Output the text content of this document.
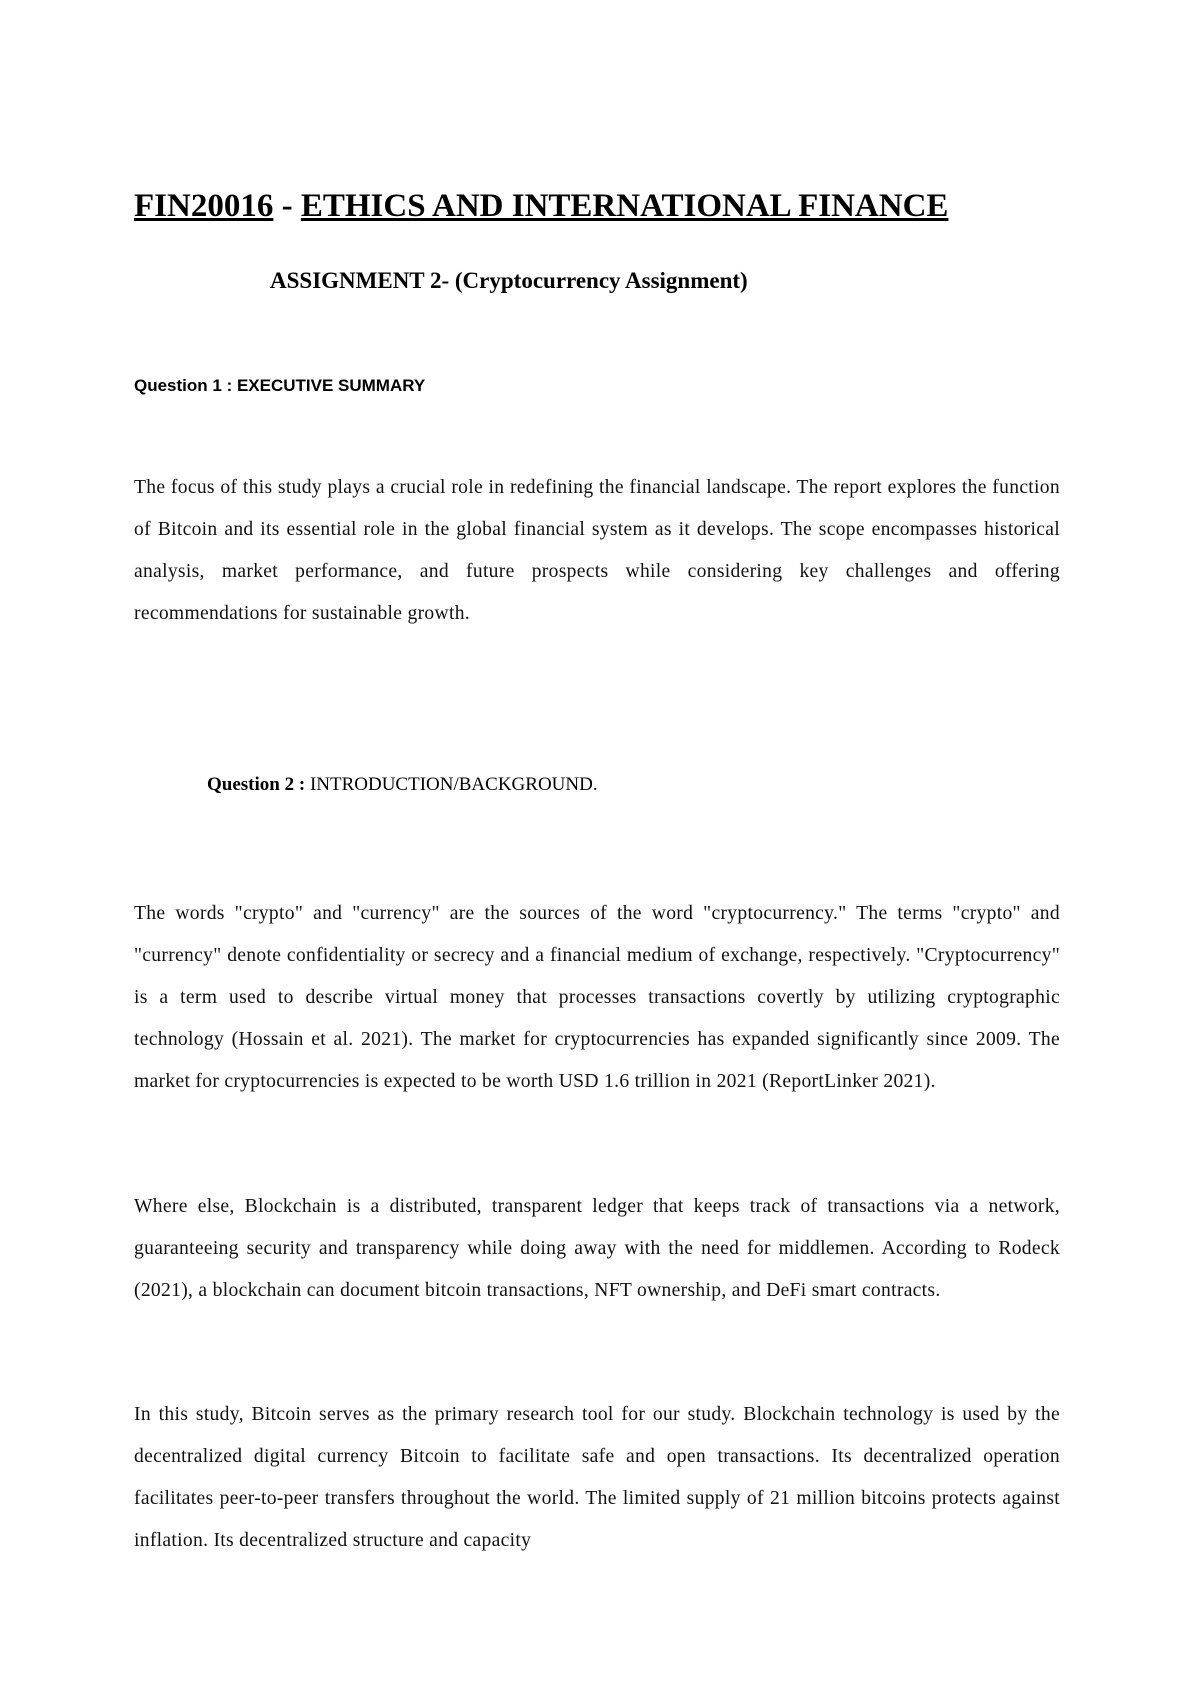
FIN20016 - ETHICS AND INTERNATIONAL FINANCE
ASSIGNMENT 2- (Cryptocurrency Assignment)
Question 1 : EXECUTIVE SUMMARY

The focus of this study plays a crucial role in redefining the financial landscape. The report explores the function of Bitcoin and its essential role in the global financial system as it develops. The scope encompasses historical analysis, market performance, and future prospects while considering key challenges and offering recommendations for sustainable growth.

Question 2 : INTRODUCTION/BACKGROUND.

The words "crypto" and "currency" are the sources of the word "cryptocurrency." The terms "crypto" and "currency" denote confidentiality or secrecy and a financial medium of exchange, respectively. "Cryptocurrency" is a term used to describe virtual money that processes transactions covertly by utilizing cryptographic technology (Hossain et al. 2021). The market for cryptocurrencies has expanded significantly since 2009. The market for cryptocurrencies is expected to be worth USD 1.6 trillion in 2021 (ReportLinker 2021).

Where else, Blockchain is a distributed, transparent ledger that keeps track of transactions via a network, guaranteeing security and transparency while doing away with the need for middlemen. According to Rodeck (2021), a blockchain can document bitcoin transactions, NFT ownership, and DeFi smart contracts.

In this study, Bitcoin serves as the primary research tool for our study. Blockchain technology is used by the decentralized digital currency Bitcoin to facilitate safe and open transactions. Its decentralized operation facilitates peer-to-peer transfers throughout the world. The limited supply of 21 million bitcoins protects against inflation. Its decentralized structure and capacity
